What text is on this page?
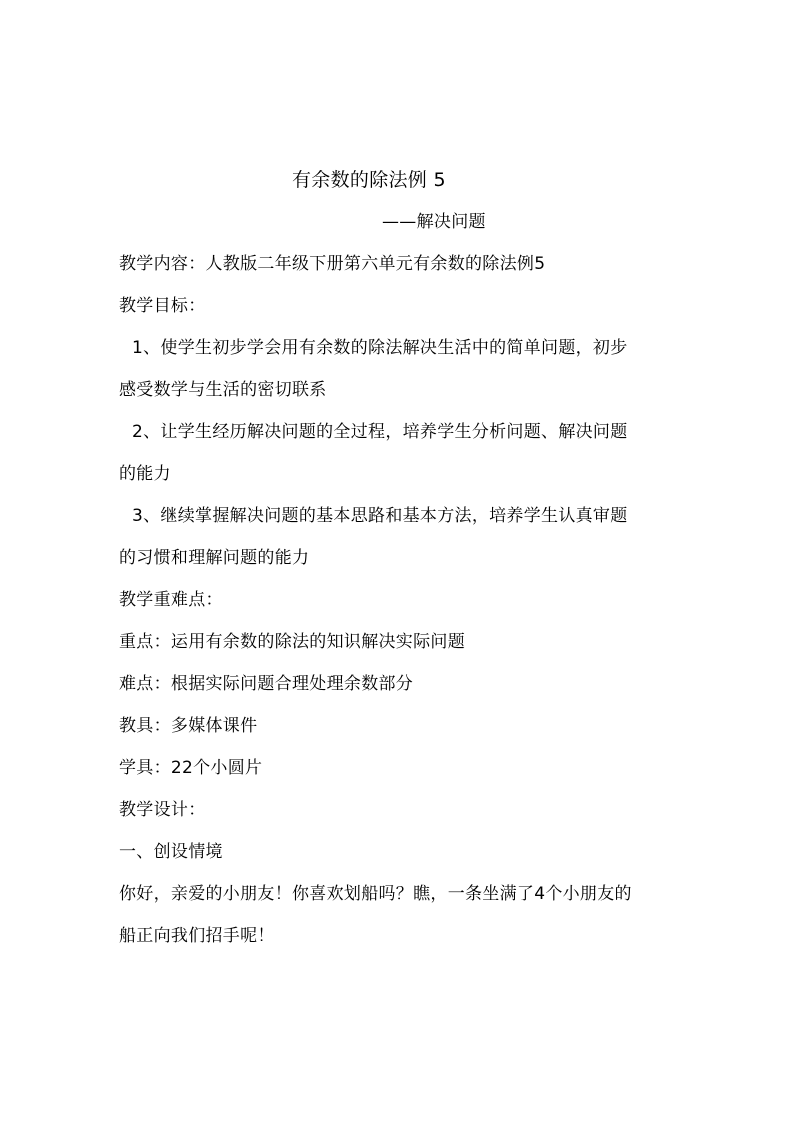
有余数的除法例 5
——解决问题
教学内容：人教版二年级下册第六单元有余数的除法例5
教学目标：
1、使学生初步学会用有余数的除法解决生活中的简单问题，初步
感受数学与生活的密切联系
2、让学生经历解决问题的全过程，培养学生分析问题、解决问题
的能力
3、继续掌握解决问题的基本思路和基本方法，培养学生认真审题
的习惯和理解问题的能力
教学重难点：
重点：运用有余数的除法的知识解决实际问题
难点：根据实际问题合理处理余数部分
教具：多媒体课件
学具：22个小圆片
教学设计：
一、创设情境
你好，亲爱的小朋友！你喜欢划船吗？瞧，一条坐满了4个小朋友的
船正向我们招手呢！
